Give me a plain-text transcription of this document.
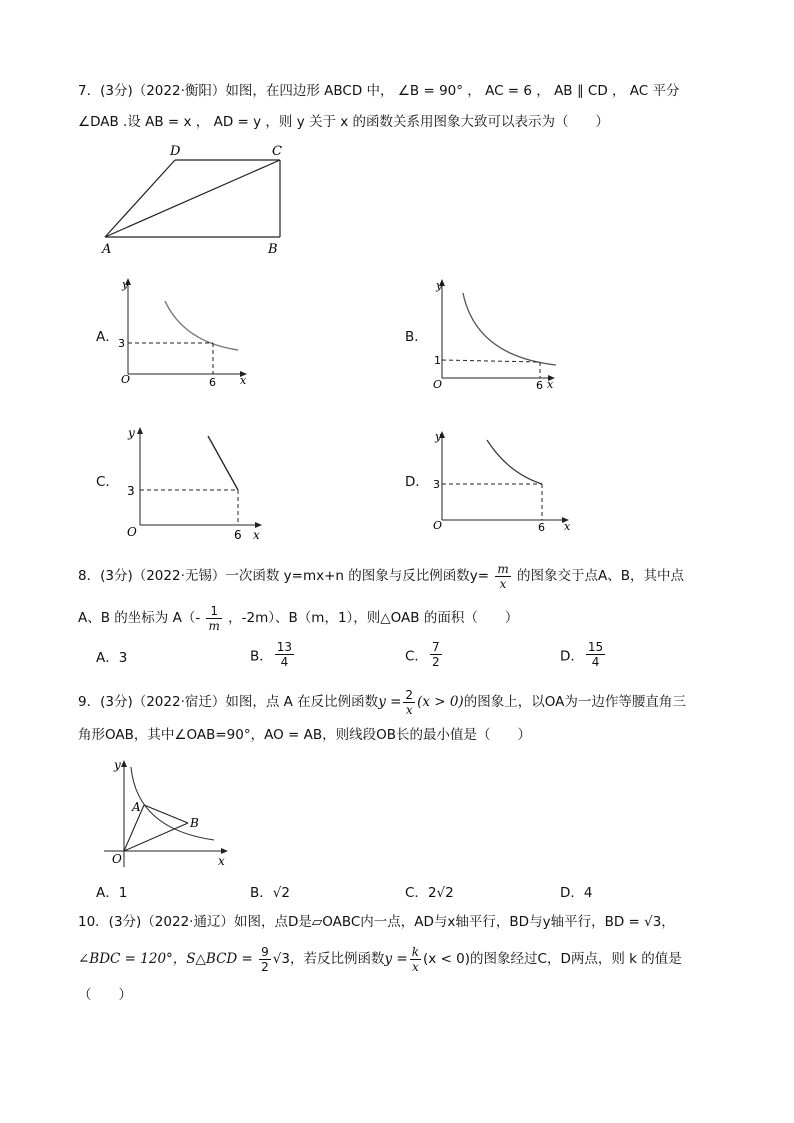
7．(3分)（2022·衡阳）如图，在四边形 ABCD 中， ∠B = 90° ， AC = 6 ， AB ∥ CD ， AC 平分
∠DAB .设 AB = x ， AD = y ，则 y 关于 x 的函数关系用图象大致可以表示为（　　）
D	C
A	B
A．
y
x
O
3
6
B．
y
x
O
1
6
C．
y
x
O
3
6
D．
y
x
O
3
6
8．(3分)（2022·无锡）一次函数 y=mx+n 的图象与反比例函数$y= \frac{m}{x}$ 的图象交于点A、B，其中点
A、B 的坐标为 $A(- \frac{1}{m}$ ，-2m）、B（m，1），则△OAB 的面积（　　）
A．3	B． $\frac{13}{4}$	C． $\frac{7}{2}$	D． $\frac{15}{4}$
9．(3分)（2022·宿迁）如图，点 A 在反比例函数$y = \frac{2}{x} (x > 0)$的图象上，以OA为一边作等腰直角三
角形OAB，其中∠OAB=90°，AO = AB，则线段OB长的最小值是（　　）
y
A
B
O	x
A．1	B．√2	C．2√2	D．4
10．(3分)（2022·通辽）如图，点D是▱OABC内一点，AD与x轴平行，BD与y轴平行，BD = √3，
∠BDC = 120°，S△BCD = $\frac{9}{2} √3$，若反比例函数$y = \frac{k}{x} (x < 0)$的图象经过C，D两点，则 k 的值是
（　　）
